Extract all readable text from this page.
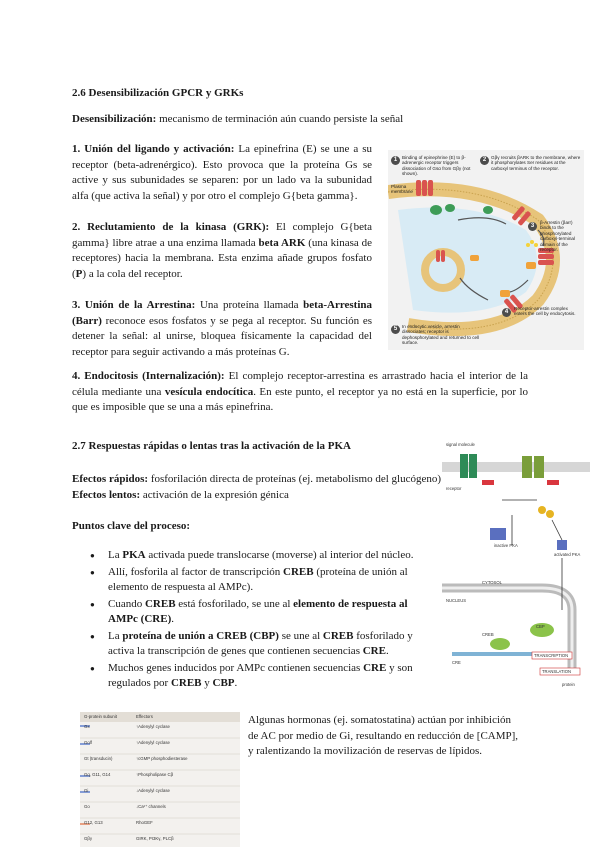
2.6 Desensibilización GPCR y GRKs
Desensibilización: mecanismo de terminación aún cuando persiste la señal
1. Unión del ligando y activación: La epinefrina (E) se une a su receptor (beta-adrenérgico). Esto provoca que la proteína Gs se active y sus subunidades se separen: por un lado va la subunidad alfa (que activa la señal) y por otro el complejo G{beta gamma}.
2. Reclutamiento de la kinasa (GRK): El complejo G{beta gamma} libre atrae a una enzima llamada beta ARK (una kinasa de receptores) hacia la membrana. Esta enzima añade grupos fosfato (P) a la cola del receptor.
3. Unión de la Arrestina: Una proteína llamada beta-Arrestina (Barr) reconoce esos fosfatos y se pega al receptor. Su función es detener la señal: al unirse, bloquea físicamente la capacidad del receptor para seguir activando a más proteínas G.
4. Endocitosis (Internalización): El complejo receptor-arrestina es arrastrado hacia el interior de la célula mediante una vesícula endocítica. En este punto, el receptor ya no está en la superficie, por lo que es imposible que se una a más epinefrina.
1	Binding of epinephrine (E) to β-adrenergic receptor triggers dissociation of Gsα from Gβγ (not shown).
2	Gβγ recruits βARK to the membrane, where it phosphorylates Ser residues at the carboxyl terminus of the receptor.
Plasma membrane
3
β-Arrestin (βarr) binds to the phosphorylated carboxyl-terminal domain of the receptor.
4
Receptor-arrestin complex enters the cell by endocytosis.
5	In endocytic vesicle, arrestin dissociates; receptor is dephosphorylated and returned to cell surface.
2.7 Respuestas rápidas o lentas tras la activación de la PKA
Efectos rápidos: fosforilación directa de proteínas (ej. metabolismo del glucógeno)
Efectos lentos: activación de la expresión génica
Puntos clave del proceso:
● La PKA activada puede translocarse (moverse) al interior del núcleo.
● Allí, fosforila al factor de transcripción CREB (proteína de unión al elemento de respuesta al AMPc).
● Cuando CREB está fosforilado, se une al elemento de respuesta al AMPc (CRE).
● La proteína de unión a CREB (CBP) se une al CREB fosforilado y activa la transcripción de genes que contienen secuencias CRE.
● Muchos genes inducidos por AMPc contienen secuencias CRE y son regulados por CREB y CBP.
signal molecule
receptor
inactive PKA
activated PKA
CYTOSOL
NUCLEUS
CREB
CBP
CRE
TRANSCRIPTION
TRANSLATION
protein
G-protein subunit	Effectors
Gs	↑Adenylyl cyclase
Golf	↑Adenylyl cyclase
Gt (transducin)	↑cGMP phosphodiesterase
Gq, G11, G14	↑Phospholipase Cβ
Gi	↓Adenylyl cyclase
Go	↓Ca²⁺ channels
G12, G13	RhoGEF
Gβγ	GIRK, PI3Kγ, PLCβ
Algunas hormonas (ej. somatostatina) actúan por inhibición de AC por medio de Gi, resultando en reducción de [CAMP], y ralentizando la movilización de reservas de lípidos.
